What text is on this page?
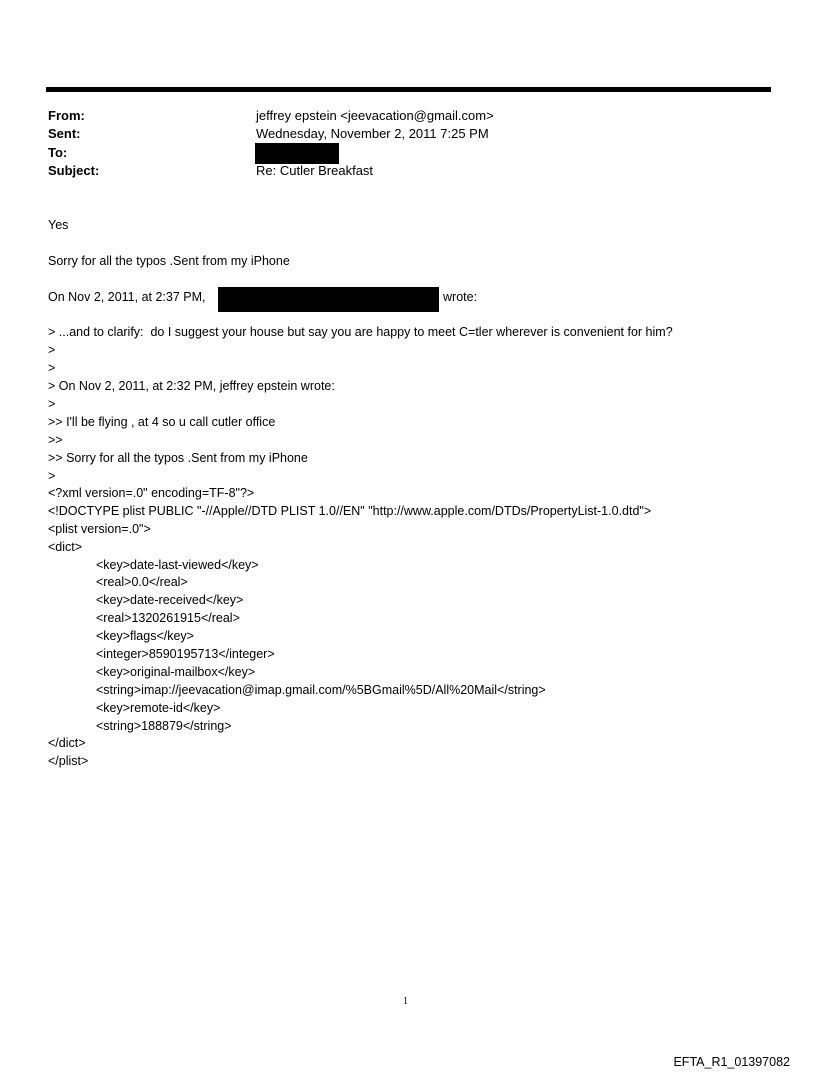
From:	jeffrey epstein <jeevacation@gmail.com>
Sent:	Wednesday, November 2, 2011 7:25 PM
To:
Subject:	Re: Cutler Breakfast
Yes
Sorry for all the typos .Sent from my iPhone
On Nov 2, 2011, at 2:37 PM,	wrote:
> ...and to clarify:  do I suggest your house but say you are happy to meet C=tler wherever is convenient for him?
>
>
> On Nov 2, 2011, at 2:32 PM, jeffrey epstein wrote:
>
>> I'll be flying , at 4 so u call cutler office
>>
>> Sorry for all the typos .Sent from my iPhone
>
<?xml version=.0" encoding=TF-8"?>
<!DOCTYPE plist PUBLIC "-//Apple//DTD PLIST 1.0//EN" "http://www.apple.com/DTDs/PropertyList-1.0.dtd">
<plist version=.0">
<dict>
<key>date-last-viewed</key>
<real>0.0</real>
<key>date-received</key>
<real>1320261915</real>
<key>flags</key>
<integer>8590195713</integer>
<key>original-mailbox</key>
<string>imap://jeevacation@imap.gmail.com/%5BGmail%5D/All%20Mail</string>
<key>remote-id</key>
<string>188879</string>
</dict>
</plist>
1
EFTA_R1_01397082
